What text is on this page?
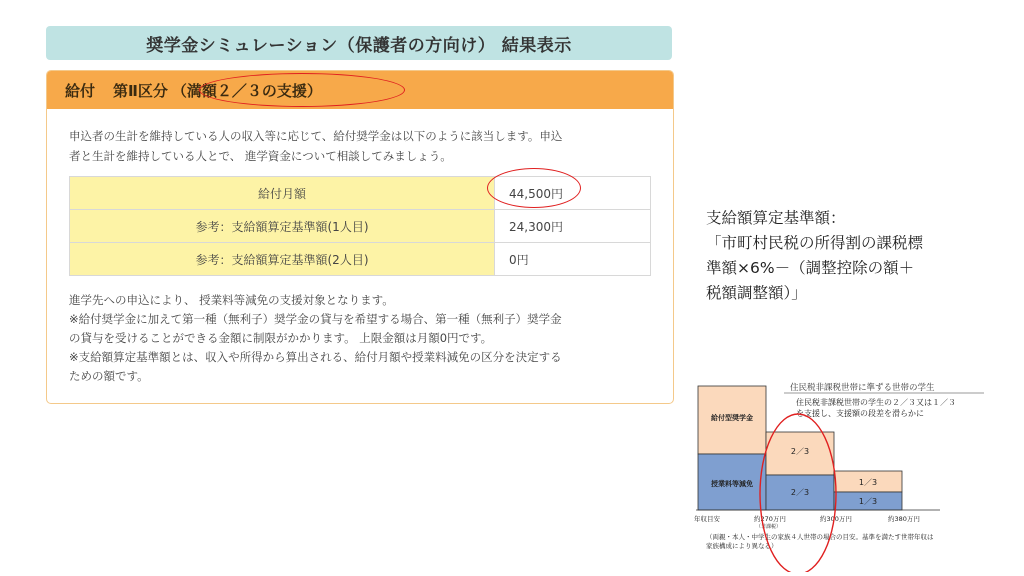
奨学金シミュレーション（保護者の方向け） 結果表示
給付 第Ⅱ区分 （満額２／３の支援）
申込者の生計を維持している人の収入等に応じて、給付奨学金は以下のように該当します。申込
者と生計を維持している人とで、 進学資金について相談してみましょう。
給付月額	44,500円
参考：支給額算定基準額(1人目)	24,300円
参考：支給額算定基準額(2人目)	0円
進学先への申込により、 授業料等減免の支援対象となります。
※給付奨学金に加えて第一種（無利子）奨学金の貸与を希望する場合、第一種（無利子）奨学金
の貸与を受けることができる金額に制限がかかります。 上限金額は月額0円です。
※支給額算定基準額とは、収入や所得から算出される、給付月額や授業料減免の区分を決定する
ための額です。
支給額算定基準額：
「市町村民税の所得割の課税標
準額×6%－（調整控除の額＋
税額調整額）」
住民税非課税世帯に準ずる世帯の学生
住民税非課税世帯の学生の２／３又は１／３
を支援し、支援額の段差を滑らかに
給付型奨学金
授業料等減免
2／3
2／3
1／3
1／3
年収目安	約270万円
（非課税）
約300万円	約380万円
（両親・本人・中学生の家族４人世帯の場合の目安。基準を満たす世帯年収は
家族構成により異なる）
